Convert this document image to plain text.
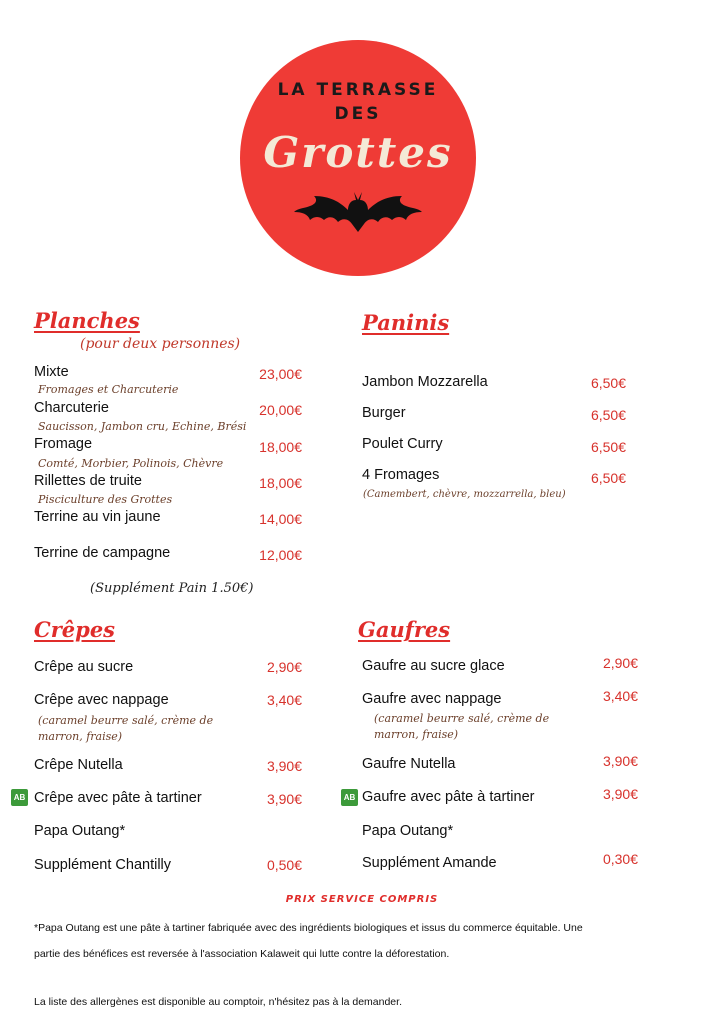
LA TERRASSE
DES
Grottes
Planches
(pour deux personnes)
Mixte
Fromages et Charcuterie
23,00€
Charcuterie
Saucisson, Jambon cru, Echine, Brési
20,00€
Fromage
Comté, Morbier, Polinois, Chèvre
18,00€
Rillettes de truite
Pisciculture des Grottes
18,00€
Terrine au vin jaune	14,00€
Terrine de campagne	12,00€
(Supplément Pain 1.50€)
Paninis
Jambon Mozzarella	6,50€
Burger	6,50€
Poulet Curry	6,50€
4 Fromages
(Camembert, chèvre, mozzarrella, bleu)
6,50€
Crêpes
Crêpe au sucre	2,90€
Crêpe avec nappage
(caramel beurre salé, crème de marron, fraise)
3,40€
Crêpe Nutella	3,90€
AB Crêpe avec pâte à tartiner	3,90€
Papa Outang*
Supplément Chantilly	0,50€
Gaufres
Gaufre au sucre glace	2,90€
Gaufre avec nappage
(caramel beurre salé, crème de marron, fraise)
3,40€
Gaufre Nutella	3,90€
AB Gaufre avec pâte à tartiner	3,90€
Papa Outang*
Supplément Amande	0,30€
PRIX SERVICE COMPRIS
*Papa Outang est une pâte à tartiner fabriquée avec des ingrédients biologiques et issus du commerce équitable. Une
partie des bénéfices est reversée à l'association Kalaweit qui lutte contre la déforestation.
La liste des allergènes est disponible au comptoir, n'hésitez pas à la demander.
